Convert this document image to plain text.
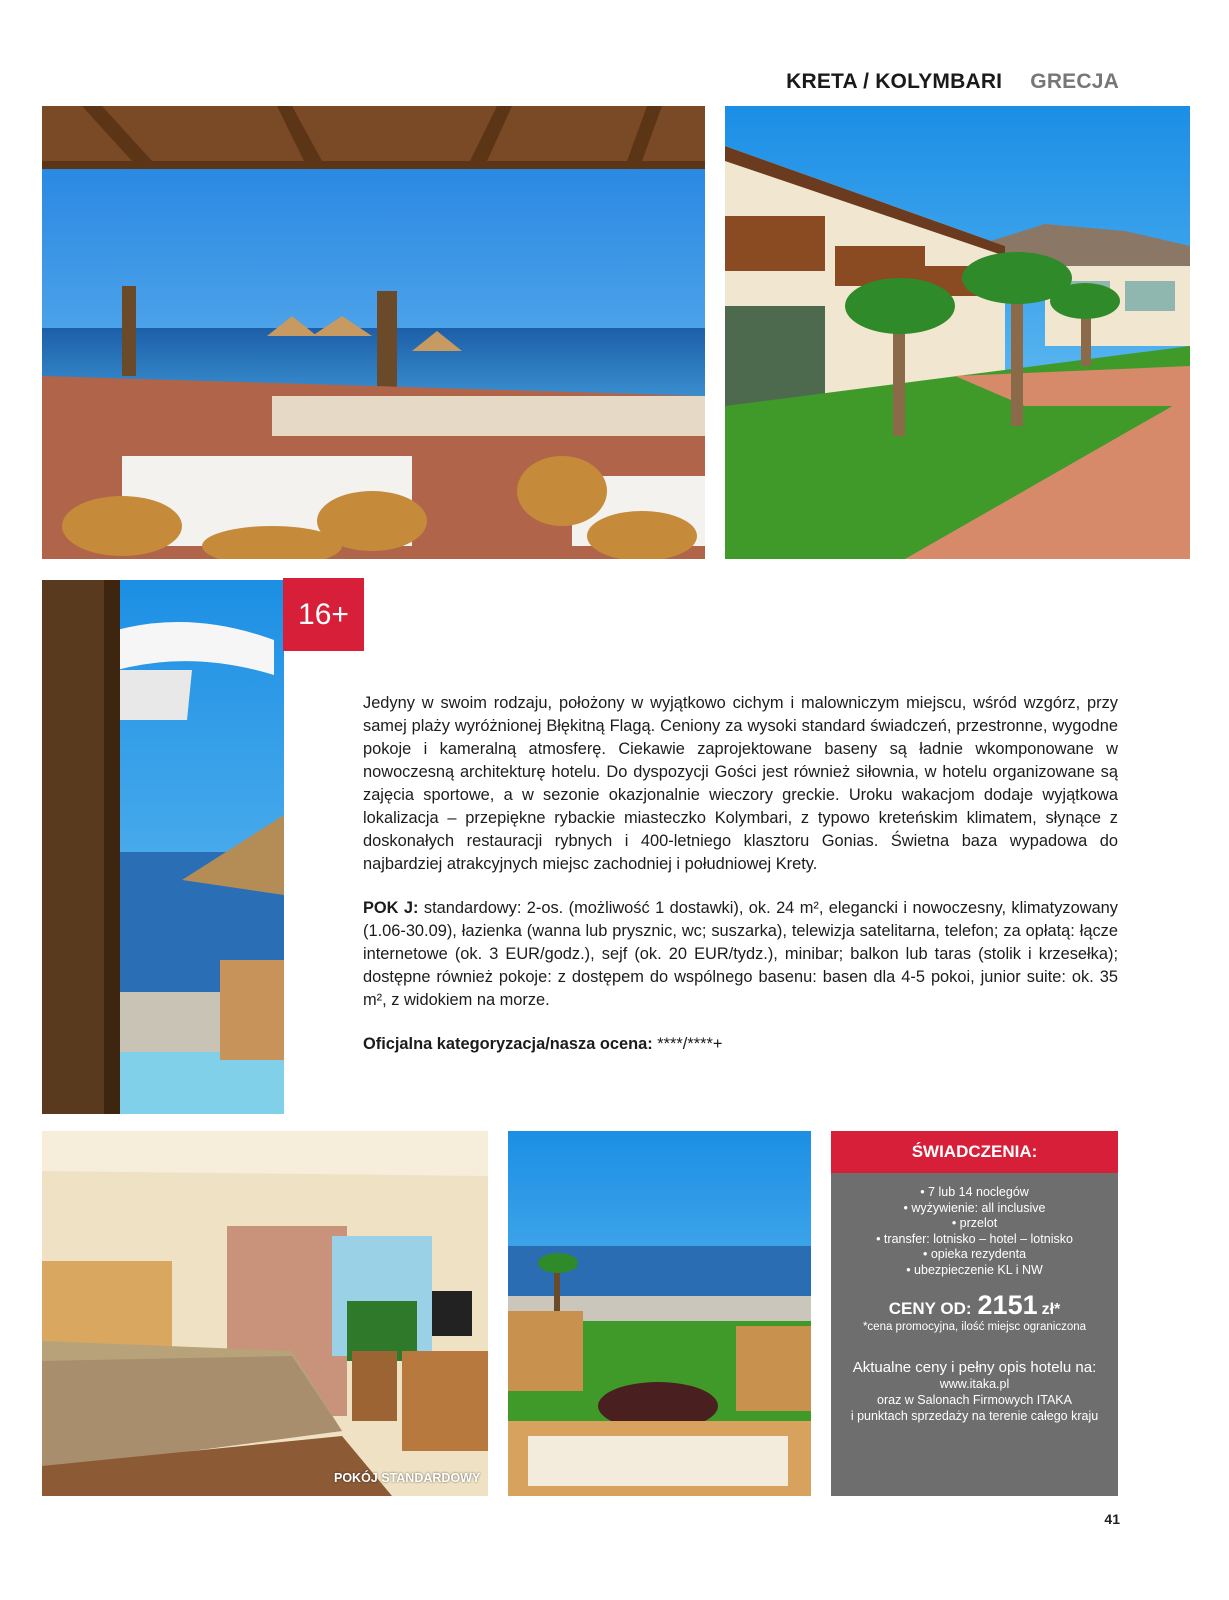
KRETA / KOLYMBARI GRECJA
16+

Jedyny w swoim rodzaju, położony w wyjątkowo cichym i malowniczym miejscu, wśród wzgórz, przy samej plaży wyróżnionej Błękitną Flagą. Ceniony za wysoki standard świadczeń, przestronne, wygodne pokoje i kameralną atmosferę. Ciekawie zaprojektowane baseny są ładnie wkomponowane w nowoczesną architekturę hotelu. Do dyspozycji Gości jest również siłownia, w hotelu organizowane są zajęcia sportowe, a w sezonie okazjonalnie wieczory greckie. Uroku wakacjom dodaje wyjątkowa lokalizacja – przepiękne rybackie miasteczko Kolymbari, z typowo kreteńskim klimatem, słynące z doskonałych restauracji rybnych i 400-letniego klasztoru Gonias. Świetna baza wypadowa do najbardziej atrakcyjnych miejsc zachodniej i południowej Krety.

POK J: standardowy: 2-os. (możliwość 1 dostawki), ok. 24 m², elegancki i nowoczesny, klimatyzowany (1.06-30.09), łazienka (wanna lub prysznic, wc; suszarka), telewizja satelitarna, telefon; za opłatą: łącze internetowe (ok. 3 EUR/godz.), sejf (ok. 20 EUR/tydz.), minibar; balkon lub taras (stolik i krzesełka); dostępne również pokoje: z dostępem do wspólnego basenu: basen dla 4-5 pokoi, junior suite: ok. 35 m², z widokiem na morze.

Oficjalna kategoryzacja/nasza ocena: ****/****+

POKÓJ STANDARDOWY
ŚWIADCZENIA:
• 7 lub 14 noclegów
• wyżywienie: all inclusive
• przelot
• transfer: lotnisko – hotel – lotnisko
• opieka rezydenta
• ubezpieczenie KL i NW
CENY OD: 2151 zł*
*cena promocyjna, ilość miejsc ograniczona
Aktualne ceny i pełny opis hotelu na:
www.itaka.pl
oraz w Salonach Firmowych ITAKA
i punktach sprzedaży na terenie całego kraju
41
